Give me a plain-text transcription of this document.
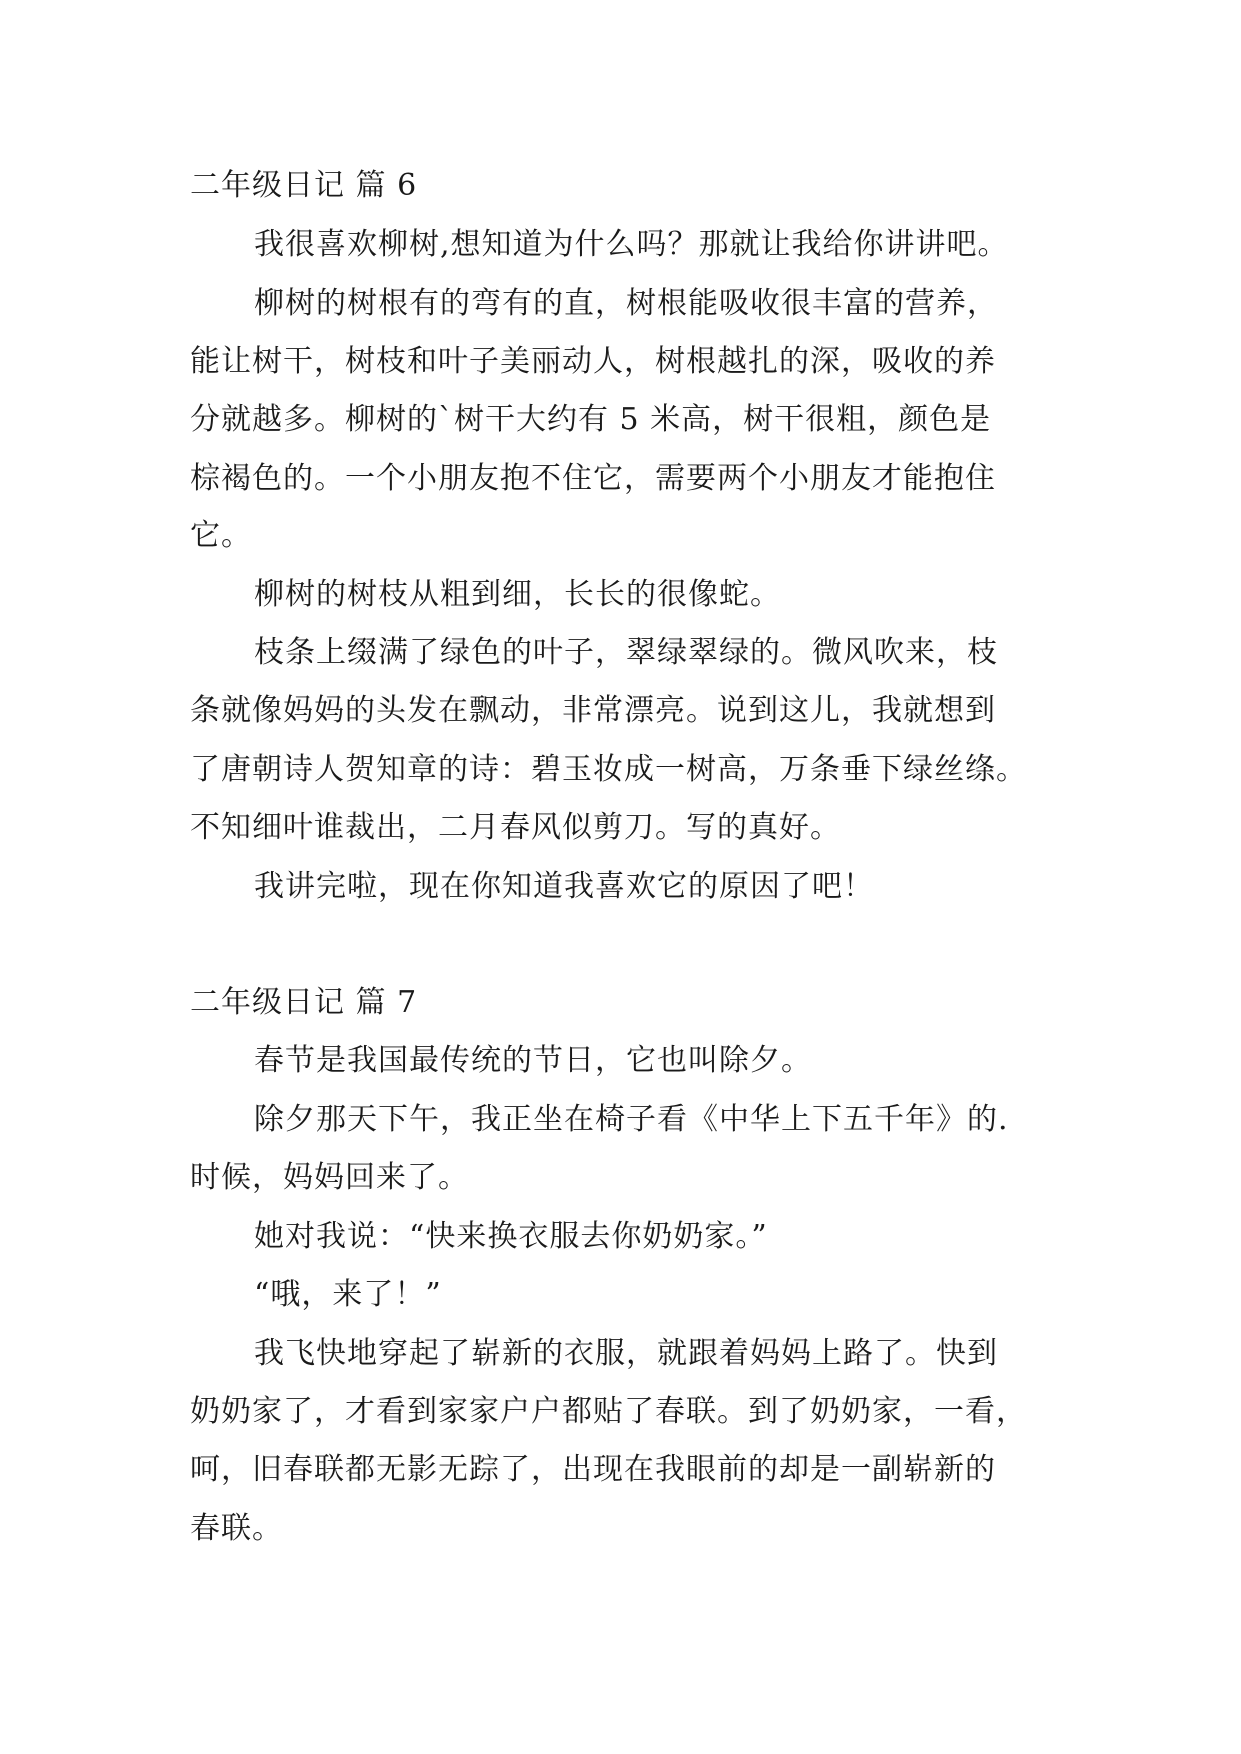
二年级日记 篇 6
我很喜欢柳树,想知道为什么吗？那就让我给你讲讲吧。
柳树的树根有的弯有的直，树根能吸收很丰富的营养，
能让树干，树枝和叶子美丽动人，树根越扎的深，吸收的养
分就越多。柳树的`树干大约有 5 米高，树干很粗，颜色是
棕褐色的。一个小朋友抱不住它，需要两个小朋友才能抱住
它。
柳树的树枝从粗到细，长长的很像蛇。
枝条上缀满了绿色的叶子，翠绿翠绿的。微风吹来，枝
条就像妈妈的头发在飘动，非常漂亮。说到这儿，我就想到
了唐朝诗人贺知章的诗：碧玉妆成一树高，万条垂下绿丝绦。
不知细叶谁裁出，二月春风似剪刀。写的真好。
我讲完啦，现在你知道我喜欢它的原因了吧！
二年级日记 篇 7
春节是我国最传统的节日，它也叫除夕。
除夕那天下午，我正坐在椅子看《中华上下五千年》的.
时候，妈妈回来了。
她对我说：“快来换衣服去你奶奶家。”
“哦，来了！”
我飞快地穿起了崭新的衣服，就跟着妈妈上路了。快到
奶奶家了，才看到家家户户都贴了春联。到了奶奶家，一看，
呵，旧春联都无影无踪了，出现在我眼前的却是一副崭新的
春联。
